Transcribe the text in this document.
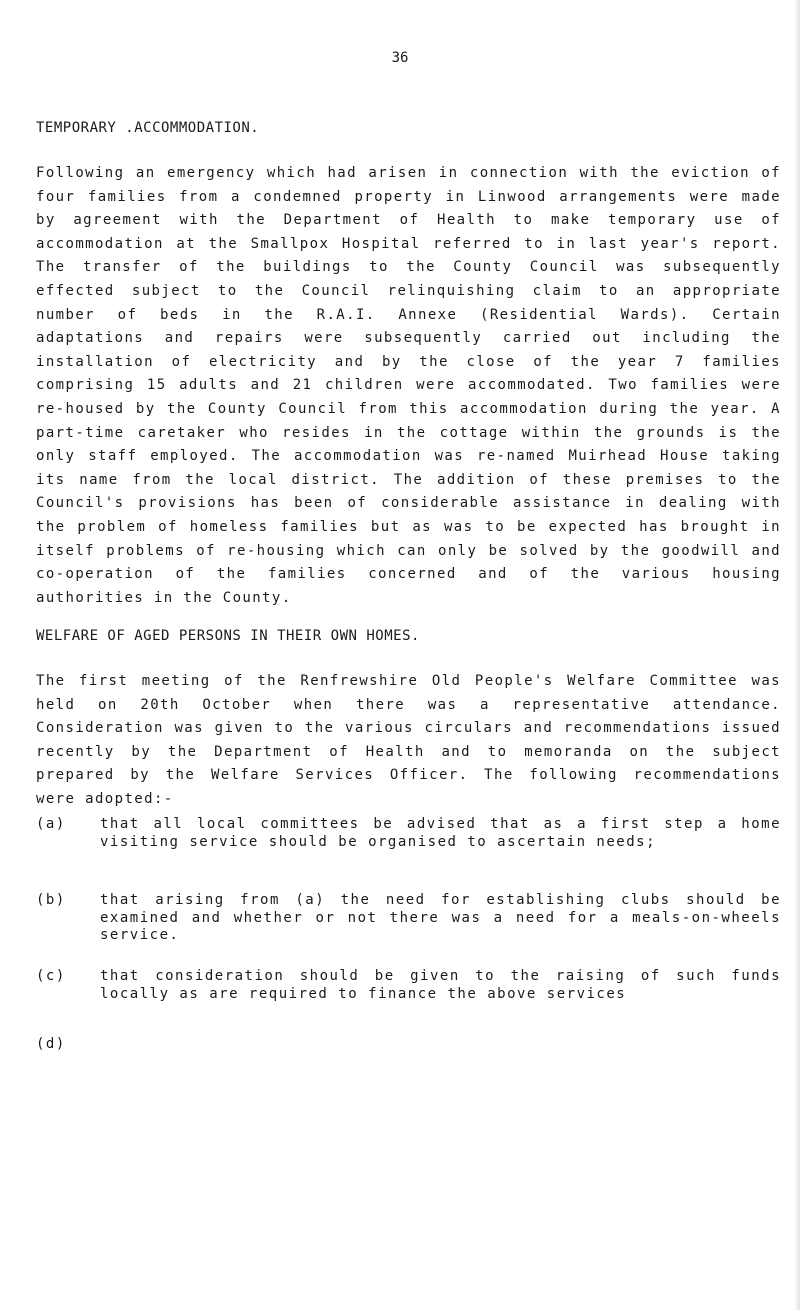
36
TEMPORARY .ACCOMMODATION.

Following an emergency which had arisen in connection with the eviction of four families from a condemned property in Linwood arrangements were made by agreement with the Department of Health to make temporary use of accommodation at the Smallpox Hospital referred to in last year's report. The transfer of the buildings to the County Council was subsequently effected subject to the Council relinquishing claim to an appropriate number of beds in the R.A.I. Annexe (Residential Wards). Certain adaptations and repairs were subsequently carried out including the installation of electricity and by the close of the year 7 families comprising 15 adults and 21 children were accommodated. Two families were re-housed by the County Council from this accommodation during the year. A part-time caretaker who resides in the cottage within the grounds is the only staff employed. The accommodation was re-named Muirhead House taking its name from the local district. The addition of these premises to the Council's provisions has been of considerable assistance in dealing with the problem of homeless families but as was to be expected has brought in itself problems of re-housing which can only be solved by the goodwill and co-operation of the families concerned and of the various housing authorities in the County.

WELFARE OF AGED PERSONS IN THEIR OWN HOMES.

The first meeting of the Renfrewshire Old People's Welfare Committee was held on 20th October when there was a representative attendance. Consideration was given to the various circulars and recommendations issued recently by the Department of Health and to memoranda on the subject prepared by the Welfare Services Officer. The following recommendations were adopted:-

(a)	that all local committees be advised that as a first step a home visiting service should be organised to ascertain needs;
(b)	that arising from (a) the need for establishing clubs should be examined and whether or not there was a need for a meals-on-wheels service.
(c)	that consideration should be given to the raising of such funds locally as are required to finance the above services
(d)
